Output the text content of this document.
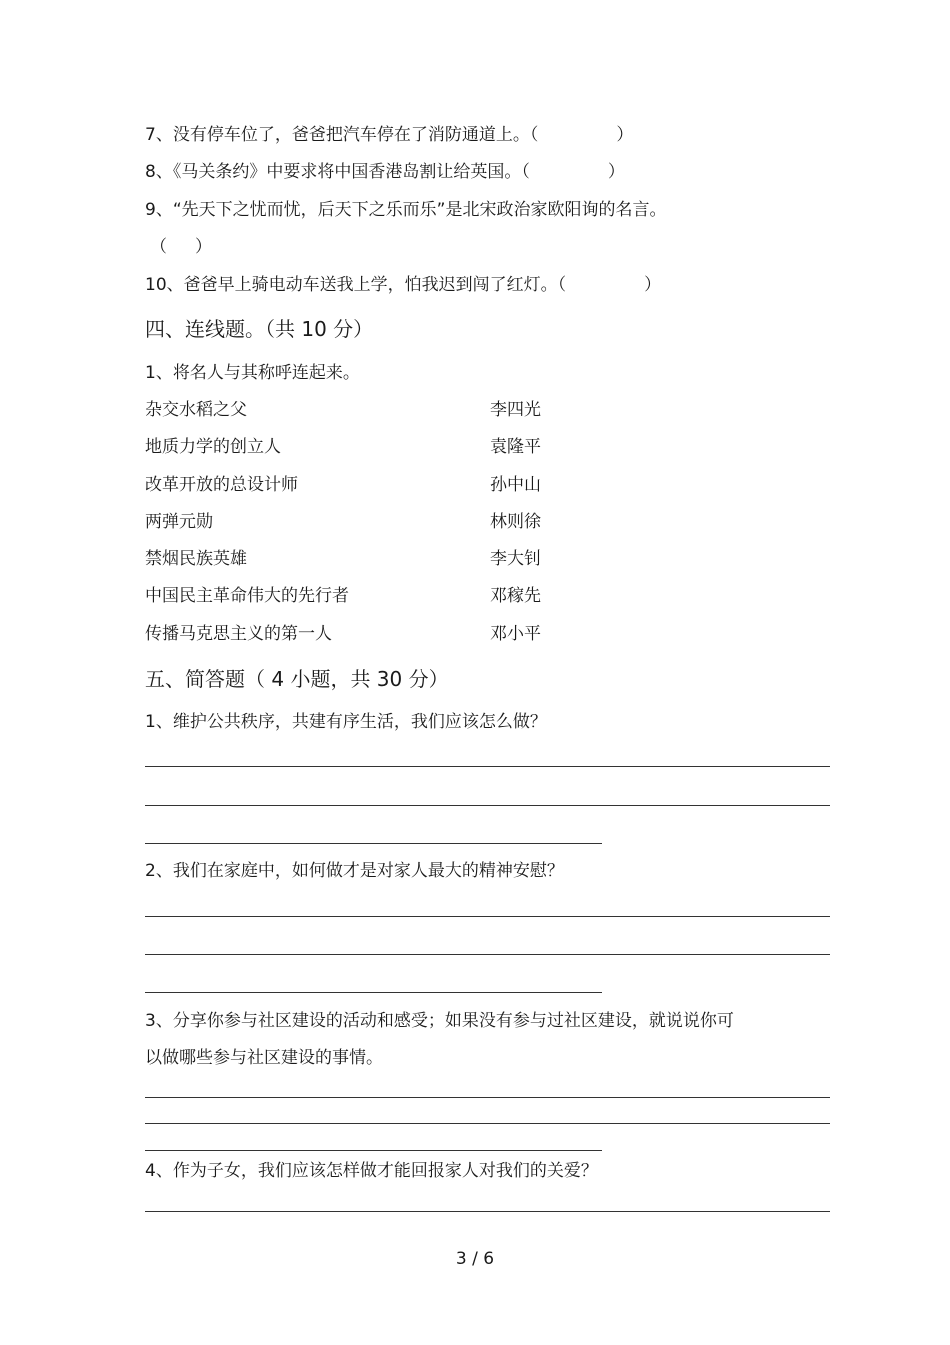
7、没有停车位了，爸爸把汽车停在了消防通道上。（	）
8、《马关条约》中要求将中国香港岛割让给英国。（	）
9、“先天下之忧而忧，后天下之乐而乐”是北宋政治家欧阳询的名言。
（ ）
10、爸爸早上骑电动车送我上学，怕我迟到闯了红灯。（	）
四、连线题。（共 10 分）
1、将名人与其称呼连起来。
杂交水稻之父	李四光
地质力学的创立人	袁隆平
改革开放的总设计师	孙中山
两弹元勋	林则徐
禁烟民族英雄	李大钊
中国民主革命伟大的先行者	邓稼先
传播马克思主义的第一人	邓小平
五、简答题（ 4 小题，共 30 分）
1、维护公共秩序，共建有序生活，我们应该怎么做？
2、我们在家庭中，如何做才是对家人最大的精神安慰？
3、分享你参与社区建设的活动和感受；如果没有参与过社区建设，就说说你可
以做哪些参与社区建设的事情。
4、作为子女，我们应该怎样做才能回报家人对我们的关爱？
3 / 6
